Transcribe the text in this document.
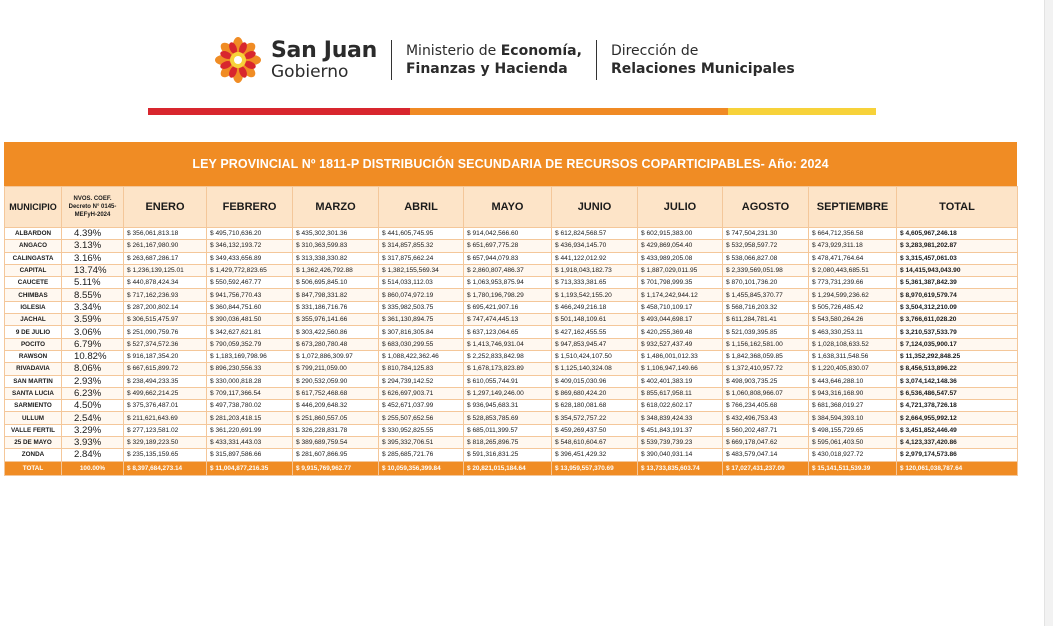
San Juan
Gobierno
Ministerio de Economía,
Finanzas y Hacienda
Dirección de
Relaciones Municipales
LEY PROVINCIAL Nº 1811-P DISTRIBUCIÓN SECUNDARIA DE RECURSOS COPARTICIPABLES- Año: 2024
MUNICIPIO	NVOS. COEF. Decreto N° 0145-MEFyH-2024	ENERO	FEBRERO	MARZO	ABRIL	MAYO	JUNIO	JULIO	AGOSTO	SEPTIEMBRE	TOTAL
ALBARDON	4.39%	$ 356,061,813.18	$ 495,710,636.20	$ 435,302,301.36	$ 441,605,745.95	$ 914,042,566.60	$ 612,824,568.57	$ 602,915,383.00	$ 747,504,231.30	$ 664,712,356.58	$ 4,605,967,246.18
ANGACO	3.13%	$ 261,167,980.90	$ 346,132,193.72	$ 310,363,599.83	$ 314,857,855.32	$ 651,697,775.28	$ 436,934,145.70	$ 429,869,054.40	$ 532,958,597.72	$ 473,929,311.18	$ 3,283,981,202.87
CALINGASTA	3.16%	$ 263,687,286.17	$ 349,433,656.89	$ 313,338,330.82	$ 317,875,662.24	$ 657,944,079.83	$ 441,122,012.92	$ 433,989,205.08	$ 538,066,827.08	$ 478,471,764.64	$ 3,315,457,061.03
CAPITAL	13.74%	$ 1,236,139,125.01	$ 1,429,772,823.65	$ 1,362,426,792.88	$ 1,382,155,569.34	$ 2,860,807,486.37	$ 1,918,043,182.73	$ 1,887,029,011.95	$ 2,339,569,051.98	$ 2,080,443,685.51	$ 14,415,943,043.90
CAUCETE	5.11%	$ 440,878,424.34	$ 550,592,467.77	$ 506,695,845.10	$ 514,033,112.03	$ 1,063,953,875.94	$ 713,333,381.65	$ 701,798,999.35	$ 870,101,736.20	$ 773,731,239.66	$ 5,361,387,842.39
CHIMBAS	8.55%	$ 717,162,236.93	$ 941,756,770.43	$ 847,798,331.82	$ 860,074,972.19	$ 1,780,196,798.29	$ 1,193,542,155.20	$ 1,174,242,944.12	$ 1,455,845,370.77	$ 1,294,599,236.62	$ 8,970,619,579.74
IGLESIA	3.34%	$ 287,200,802.14	$ 360,844,751.60	$ 331,186,716.76	$ 335,982,503.75	$ 695,421,907.16	$ 466,249,216.18	$ 458,710,109.17	$ 568,716,203.32	$ 505,726,485.42	$ 3,504,312,210.09
JACHAL	3.59%	$ 306,515,475.97	$ 390,036,481.50	$ 355,976,141.66	$ 361,130,894.75	$ 747,474,445.13	$ 501,148,109.61	$ 493,044,698.17	$ 611,284,781.41	$ 543,580,264.26	$ 3,766,611,028.20
9 DE JULIO	3.06%	$ 251,090,759.76	$ 342,627,621.81	$ 303,422,560.86	$ 307,816,305.84	$ 637,123,064.65	$ 427,162,455.55	$ 420,255,369.48	$ 521,039,395.85	$ 463,330,253.11	$ 3,210,537,533.79
POCITO	6.79%	$ 527,374,572.36	$ 790,059,352.79	$ 673,280,780.48	$ 683,030,299.55	$ 1,413,746,931.04	$ 947,853,945.47	$ 932,527,437.49	$ 1,156,162,581.00	$ 1,028,108,633.52	$ 7,124,035,900.17
RAWSON	10.82%	$ 916,187,354.20	$ 1,183,169,798.96	$ 1,072,886,309.97	$ 1,088,422,362.46	$ 2,252,833,842.98	$ 1,510,424,107.50	$ 1,486,001,012.33	$ 1,842,368,059.85	$ 1,638,311,548.56	$ 11,352,292,848.25
RIVADAVIA	8.06%	$ 667,615,899.72	$ 896,230,556.33	$ 799,211,059.00	$ 810,784,125.83	$ 1,678,173,823.89	$ 1,125,140,324.08	$ 1,106,947,149.66	$ 1,372,410,957.72	$ 1,220,405,830.07	$ 8,456,513,896.22
SAN MARTIN	2.93%	$ 238,494,233.35	$ 330,000,818.28	$ 290,532,059.90	$ 294,739,142.52	$ 610,055,744.91	$ 409,015,030.96	$ 402,401,383.19	$ 498,903,735.25	$ 443,646,288.10	$ 3,074,142,148.36
SANTA LUCIA	6.23%	$ 499,662,214.25	$ 709,117,366.54	$ 617,752,468.68	$ 626,697,903.71	$ 1,297,149,246.00	$ 869,680,424.20	$ 855,617,958.11	$ 1,060,808,966.07	$ 943,316,168.90	$ 6,536,486,547.57
SARMIENTO	4.50%	$ 375,376,487.01	$ 497,738,780.02	$ 446,209,648.32	$ 452,671,037.99	$ 936,945,683.31	$ 628,180,081.68	$ 618,022,602.17	$ 766,234,405.68	$ 681,368,019.27	$ 4,721,378,726.18
ULLUM	2.54%	$ 211,621,643.69	$ 281,203,418.15	$ 251,860,557.05	$ 255,507,652.56	$ 528,853,785.69	$ 354,572,757.22	$ 348,839,424.33	$ 432,496,753.43	$ 384,594,393.10	$ 2,664,955,992.12
VALLE FERTIL	3.29%	$ 277,123,581.02	$ 361,220,691.99	$ 326,228,831.78	$ 330,952,825.55	$ 685,011,399.57	$ 459,269,437.50	$ 451,843,191.37	$ 560,202,487.71	$ 498,155,729.65	$ 3,451,852,446.49
25 DE MAYO	3.93%	$ 329,189,223.50	$ 433,331,443.03	$ 389,689,759.54	$ 395,332,706.51	$ 818,265,896.75	$ 548,610,604.67	$ 539,739,739.23	$ 669,178,047.62	$ 595,061,403.50	$ 4,123,337,420.86
ZONDA	2.84%	$ 235,135,159.65	$ 315,897,586.66	$ 281,607,866.95	$ 285,685,721.76	$ 591,316,831.25	$ 396,451,429.32	$ 390,040,931.14	$ 483,579,047.14	$ 430,018,927.72	$ 2,979,174,573.86
TOTAL	100.00%	$ 8,397,684,273.14	$ 11,004,877,216.35	$ 9,915,769,962.77	$ 10,059,356,399.84	$ 20,821,015,184.64	$ 13,959,557,370.69	$ 13,733,835,603.74	$ 17,027,431,237.09	$ 15,141,511,539.39	$ 120,061,038,787.64
